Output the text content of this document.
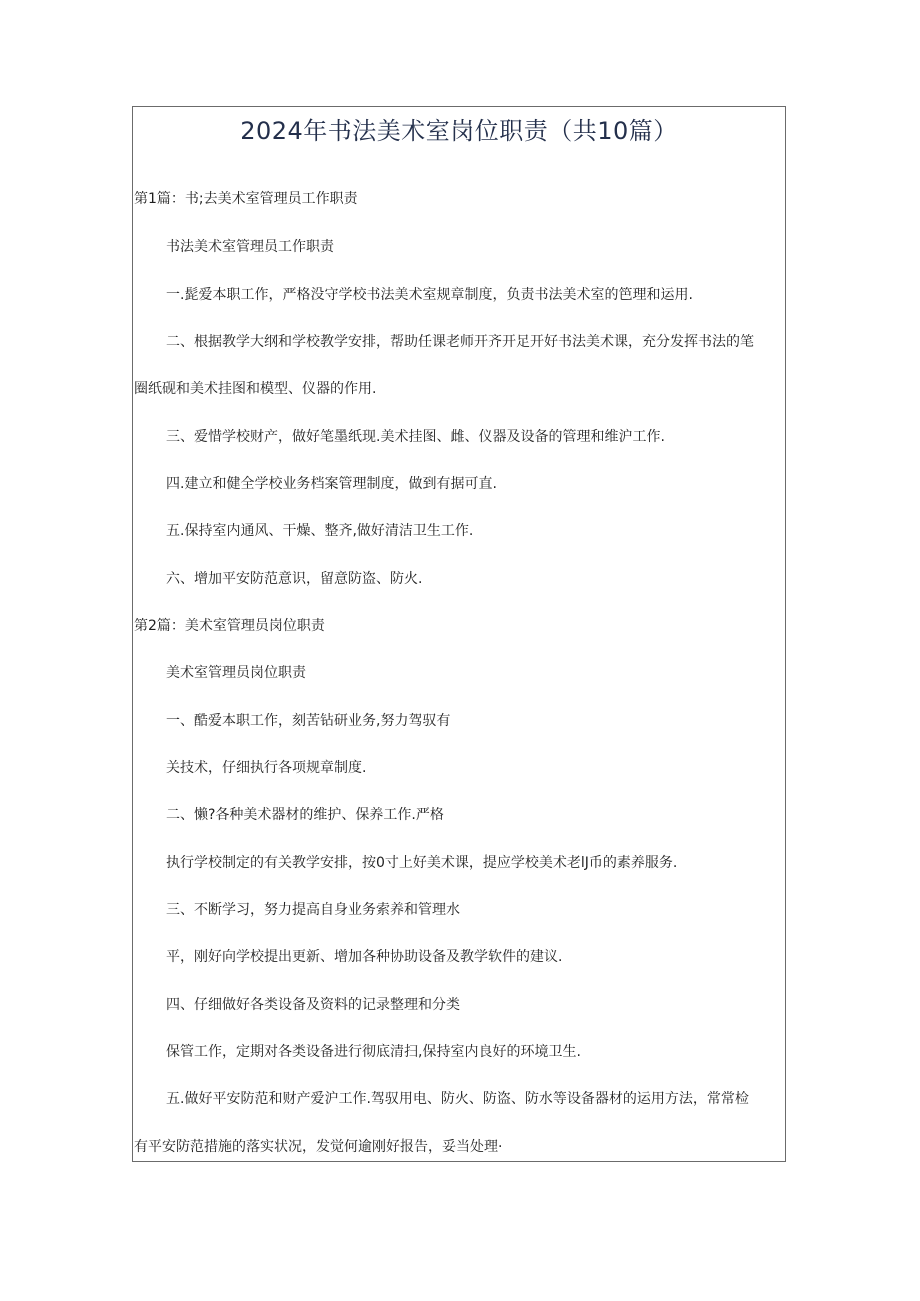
2024年书法美术室岗位职责（共10篇）

第1篇：书;去美术室管理员工作职责

书法美术室管理员工作职责

一.髭爱本职工作，严格没守学校书法美术室规章制度，负责书法美术室的笆理和运用.

二、根据教学大纲和学校教学安排，帮助任课老师开齐开足开好书法美术课，充分发挥书法的笔

圈纸砚和美术挂图和模型、仪器的作用.

三、爱惜学校财产，做好笔墨纸现.美术挂图、雌、仪器及设备的管理和维沪工作.

四.建立和健全学校业务档案管理制度，做到有据可直.

五.保持室内通风、干燥、整齐,做好清洁卫生工作.

六、增加平安防范意识，留意防盗、防火.

第2篇：美术室管理员岗位职责

美术室管理员岗位职责

一、酷爱本职工作，刻苦钻研业务,努力驾驭有

关技术，仔细执行各项规章制度.

二、懒?各种美术器材的维护、保养工作.严格

执行学校制定的有关教学安排，按0寸上好美术课，提应学校美术老lJ币的素养服务.

三、不断学习，努力提高自身业务索养和管理水

平，刚好向学校提出更新、增加各种协助设备及教学软件的建议.

四、仔细做好各类设备及资料的记录整理和分类

保管工作，定期对各类设备进行彻底清扫,保持室内良好的环境卫生.

五.做好平安防范和财产爱沪工作.驾驭用电、防火、防盗、防水等设备器材的运用方法，常常检

有平安防范措施的落实状况，发觉何逾刚好报告，妥当处理·
